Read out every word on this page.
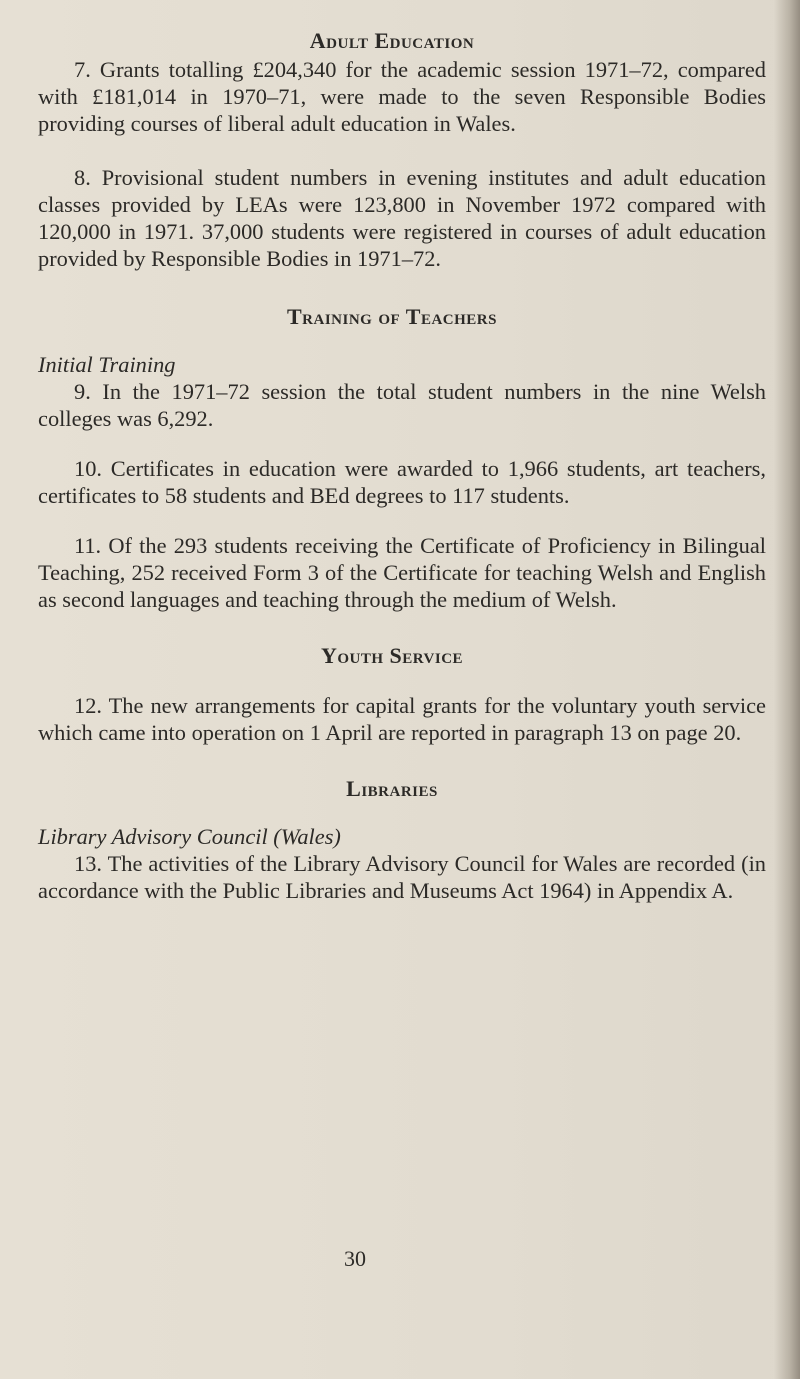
Adult Education

7. Grants totalling £204,340 for the academic session 1971–72, compared with £181,014 in 1970–71, were made to the seven Responsible Bodies providing courses of liberal adult education in Wales.

8. Provisional student numbers in evening institutes and adult education classes provided by LEAs were 123,800 in November 1972 compared with 120,000 in 1971. 37,000 students were registered in courses of adult education provided by Responsible Bodies in 1971–72.

Training of Teachers

Initial Training

9. In the 1971–72 session the total student numbers in the nine Welsh colleges was 6,292.

10. Certificates in education were awarded to 1,966 students, art teachers, certificates to 58 students and BEd degrees to 117 students.

11. Of the 293 students receiving the Certificate of Proficiency in Bilingual Teaching, 252 received Form 3 of the Certificate for teaching Welsh and English as second languages and teaching through the medium of Welsh.

Youth Service

12. The new arrangements for capital grants for the voluntary youth service which came into operation on 1 April are reported in paragraph 13 on page 20.

Libraries

Library Advisory Council (Wales)

13. The activities of the Library Advisory Council for Wales are recorded (in accordance with the Public Libraries and Museums Act 1964) in Appendix A.

30
